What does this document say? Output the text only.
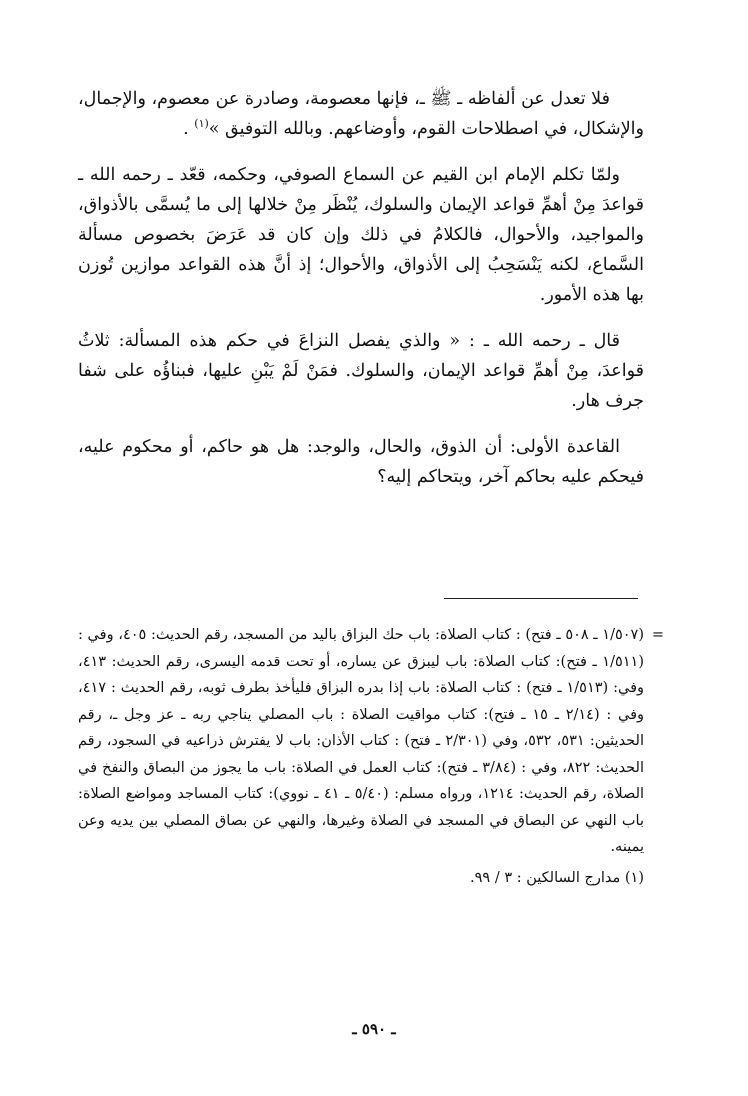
فلا تعدل عن ألفاظه ـ ﷺ ـ، فإنها معصومة، وصادرة عن معصوم، والإجمال، والإشكال، في اصطلاحات القوم، وأوضاعهم. وبالله التوفيق »$^{(١)}$ .

ولمّا تكلم الإمام ابن القيم عن السماع الصوفي، وحكمه، قعّد ـ رحمه الله ـ قواعدَ مِنْ أهمِّ قواعد الإيمان والسلوك، يُنْظَر مِنْ خلالها إلى ما يُسمَّى بالأذواق، والمواجيد، والأحوال، فالكلامُ في ذلك وإن كان قد عَرَضَ بخصوص مسألة السَّماع، لكنه يَنْسَحِبُ إلى الأذواق، والأحوال؛ إذ أنَّ هذه القواعد موازين تُوزن بها هذه الأمور.

قال ـ رحمه الله ـ : « والذي يفصل النزاعَ في حكم هذه المسألة: ثلاثُ قواعدَ، مِنْ أهمِّ قواعد الإيمان، والسلوك. فمَنْ لَمْ يَبْنِ عليها، فبناؤُه على شفا جرف هار.

القاعدة الأولى: أن الذوق، والحال، والوجد: هل هو حاكم، أو محكوم عليه، فيحكم عليه بحاكم آخر، ويتحاكم إليه؟

=
(١/٥٠٧ ـ ٥٠٨ ـ فتح) : كتاب الصلاة: باب حك البزاق باليد من المسجد، رقم الحديث: ٤٠٥، وفي : (١/٥١١ ـ فتح): كتاب الصلاة: باب ليبزق عن يساره، أو تحت قدمه اليسرى، رقم الحديث: ٤١٣، وفي: (١/٥١٣ ـ فتح) : كتاب الصلاة: باب إذا بدره البزاق فليأخذ بطرف ثوبه، رقم الحديث : ٤١٧، وفي : (٢/١٤ ـ ١٥ ـ فتح): كتاب مواقيت الصلاة : باب المصلي يناجي ربه ـ عز وجل ـ، رقم الحديثين: ٥٣١، ٥٣٢، وفي (٢/٣٠١ ـ فتح) : كتاب الأذان: باب لا يفترش ذراعيه في السجود، رقم الحديث: ٨٢٢، وفي : (٣/٨٤ ـ فتح): كتاب العمل في الصلاة: باب ما يجوز من البصاق والنفخ في الصلاة، رقم الحديث: ١٢١٤، ورواه مسلم: (٥/٤٠ ـ ٤١ ـ نووي): كتاب المساجد ومواضع الصلاة: باب النهي عن البصاق في المسجد في الصلاة وغيرها، والنهي عن بصاق المصلي بين يديه وعن يمينه.

(١) مدارج السالكين : ٣ / ٩٩.

ـ ٥٩٠ ـ
